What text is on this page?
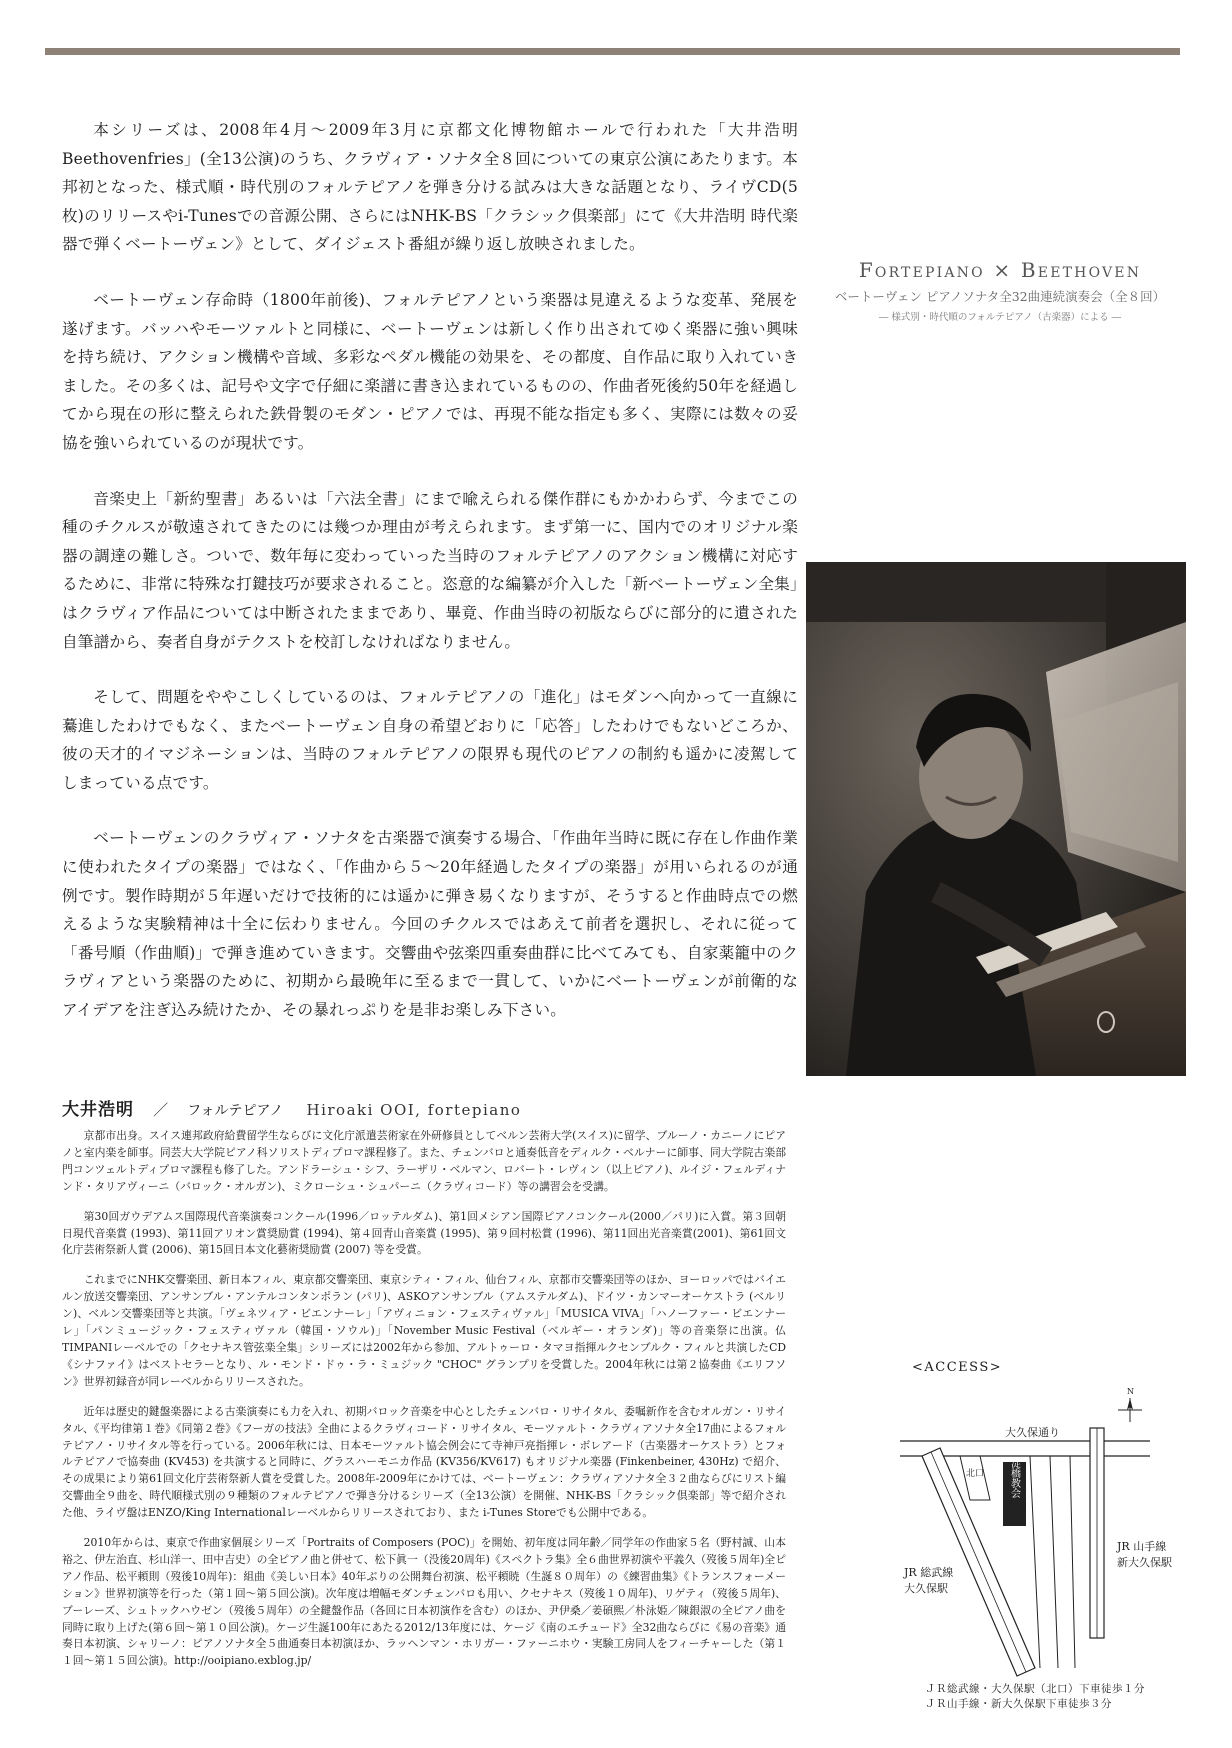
本シリーズは、2008年4月～2009年3月に京都文化博物館ホールで行われた「大井浩明Beethovenfries」(全13公演)のうち、クラヴィア・ソナタ全８回についての東京公演にあたります。本邦初となった、様式順・時代別のフォルテピアノを弾き分ける試みは大きな話題となり、ライヴCD(5枚)のリリースやi-Tunesでの音源公開、さらにはNHK-BS「クラシック倶楽部」にて《大井浩明 時代楽器で弾くベートーヴェン》として、ダイジェスト番組が繰り返し放映されました。

ベートーヴェン存命時（1800年前後)、フォルテピアノという楽器は見違えるような変革、発展を遂げます。バッハやモーツァルトと同様に、ベートーヴェンは新しく作り出されてゆく楽器に強い興味を持ち続け、アクション機構や音域、多彩なペダル機能の効果を、その都度、自作品に取り入れていきました。その多くは、記号や文字で仔細に楽譜に書き込まれているものの、作曲者死後約50年を経過してから現在の形に整えられた鉄骨製のモダン・ピアノでは、再現不能な指定も多く、実際には数々の妥協を強いられているのが現状です。

音楽史上「新約聖書」あるいは「六法全書」にまで喩えられる傑作群にもかかわらず、今までこの種のチクルスが敬遠されてきたのには幾つか理由が考えられます。まず第一に、国内でのオリジナル楽器の調達の難しさ。ついで、数年毎に変わっていった当時のフォルテピアノのアクション機構に対応するために、非常に特殊な打鍵技巧が要求されること。恣意的な編纂が介入した「新ベートーヴェン全集」はクラヴィア作品については中断されたままであり、畢竟、作曲当時の初版ならびに部分的に遺された自筆譜から、奏者自身がテクストを校訂しなければなりません。

そして、問題をややこしくしているのは、フォルテピアノの「進化」はモダンへ向かって一直線に驀進したわけでもなく、またベートーヴェン自身の希望どおりに「応答」したわけでもないどころか、彼の天才的イマジネーションは、当時のフォルテピアノの限界も現代のピアノの制約も遥かに凌駕してしまっている点です。

ベートーヴェンのクラヴィア・ソナタを古楽器で演奏する場合、「作曲年当時に既に存在し作曲作業に使われたタイプの楽器」ではなく、「作曲から５～20年経過したタイプの楽器」が用いられるのが通例です。製作時期が５年遅いだけで技術的には遥かに弾き易くなりますが、そうすると作曲時点での燃えるような実験精神は十全に伝わりません。今回のチクルスではあえて前者を選択し、それに従って「番号順（作曲順)」で弾き進めていきます。交響曲や弦楽四重奏曲群に比べてみても、自家薬籠中のクラヴィアという楽器のために、初期から最晩年に至るまで一貫して、いかにベートーヴェンが前衛的なアイデアを注ぎ込み続けたか、その暴れっぷりを是非お楽しみ下さい。

Fortepiano × Beethoven
ベートーヴェン ピアノソナタ全32曲連続演奏会（全８回）
― 様式別・時代順のフォルテピアノ（古楽器）による ―
大井浩明 ／ フォルテピアノ Hiroaki OOI, fortepiano

京都市出身。スイス連邦政府給費留学生ならびに文化庁派遣芸術家在外研修員としてベルン芸術大学(スイス)に留学、ブルーノ・カニーノにピアノと室内楽を師事。同芸大大学院ピアノ科ソリストディプロマ課程修了。また、チェンバロと通奏低音をディルク・ベルナーに師事、同大学院古楽部門コンツェルトディプロマ課程も修了した。アンドラーシュ・シフ、ラーザリ・ベルマン、ロバート・レヴィン（以上ピアノ)、ルイジ・フェルディナンド・タリアヴィーニ（バロック・オルガン)、ミクローシュ・シュパーニ（クラヴィコード）等の講習会を受講。

第30回ガウデアムス国際現代音楽演奏コンクール(1996／ロッテルダム)、第1回メシアン国際ピアノコンクール(2000／パリ)に入賞。第３回朝日現代音楽賞 (1993)、第11回アリオン賞奨励賞 (1994)、第４回青山音楽賞 (1995)、第９回村松賞 (1996)、第11回出光音楽賞(2001)、第61回文化庁芸術祭新人賞 (2006)、第15回日本文化藝術奨励賞 (2007) 等を受賞。

これまでにNHK交響楽団、新日本フィル、東京都交響楽団、東京シティ・フィル、仙台フィル、京都市交響楽団等のほか、ヨーロッパではバイエルン放送交響楽団、アンサンブル・アンテルコンタンポラン (パリ)、ASKOアンサンブル（アムステルダム)、ドイツ・カンマーオーケストラ (ベルリン)、ベルン交響楽団等と共演。「ヴェネツィア・ビエンナーレ」「アヴィニョン・フェスティヴァル」「MUSICA VIVA」「ハノーファー・ビエンナーレ」「パンミュージック・フェスティヴァル（韓国・ソウル)」「November Music Festival（ベルギー・オランダ)」等の音楽祭に出演。仏TIMPANIレーベルでの「クセナキス管弦楽全集」シリーズには2002年から参加、アルトゥーロ・タマヨ指揮ルクセンブルク・フィルと共演したCD《シナファイ》はベストセラーとなり、ル・モンド・ドゥ・ラ・ミュジック "CHOC" グランプリを受賞した。2004年秋には第２協奏曲《エリフソン》世界初録音が同レーベルからリリースされた。

近年は歴史的鍵盤楽器による古楽演奏にも力を入れ、初期バロック音楽を中心としたチェンバロ・リサイタル、委嘱新作を含むオルガン・リサイタル、《平均律第１巻》《同第２巻》《フーガの技法》全曲によるクラヴィコード・リサイタル、モーツァルト・クラヴィアソナタ全17曲によるフォルテピアノ・リサイタル等を行っている。2006年秋には、日本モーツァルト協会例会にて寺神戸亮指揮レ・ボレアード（古楽器オーケストラ）とフォルテピアノで協奏曲 (KV453) を共演すると同時に、グラスハーモニカ作品 (KV356/KV617) もオリジナル楽器 (Finkenbeiner, 430Hz) で紹介、その成果により第61回文化庁芸術祭新人賞を受賞した。2008年-2009年にかけては、ベートーヴェン：クラヴィアソナタ全３２曲ならびにリスト編交響曲全９曲を、時代順様式別の９種類のフォルテピアノで弾き分けるシリーズ（全13公演）を開催、NHK-BS「クラシック倶楽部」等で紹介された他、ライヴ盤はENZO/King Internationalレーベルからリリースされており、また i-Tunes Storeでも公開中である。

2010年からは、東京で作曲家個展シリーズ「Portraits of Composers (POC)」を開始、初年度は同年齢／同学年の作曲家５名（野村誠、山本裕之、伊左治直、杉山洋一、田中吉史）の全ピアノ曲と併せて、松下眞一（没後20周年)《スペクトラ集》全６曲世界初演や平義久（歿後５周年)全ピアノ作品、松平頼則（歿後10周年)：組曲《美しい日本》40年ぶりの公開舞台初演、松平頼暁（生誕８０周年）の《練習曲集》《トランスフォーメーション》世界初演等を行った（第１回～第５回公演)。次年度は増幅モダンチェンバロも用い、クセナキス（歿後１０周年)、リゲティ（歿後５周年)、ブーレーズ、シュトックハウゼン（歿後５周年）の全鍵盤作品（各回に日本初演作を含む）のほか、尹伊桑／姜碩熙／朴泳姫／陳銀淑の全ピアノ曲を同時に取り上げた(第６回～第１０回公演)。ケージ生誕100年にあたる2012/13年度には、ケージ《南のエチュード》全32曲ならびに《易の音楽》通奏日本初演、シャリーノ：ピアノソナタ全５曲通奏日本初演ほか、ラッヘンマン・ホリガー・ファーニホウ・実験工房同人をフィーチャーした（第１１回～第１５回公演)。http://ooipiano.exblog.jp/

<ACCESS>
大久保通り
N
北口 淀橋教会
JR 山手線
新大久保駅
JR 総武線
大久保駅
ＪＲ総武線・大久保駅（北口）下車徒歩１分
ＪＲ山手線・新大久保駅下車徒歩３分
